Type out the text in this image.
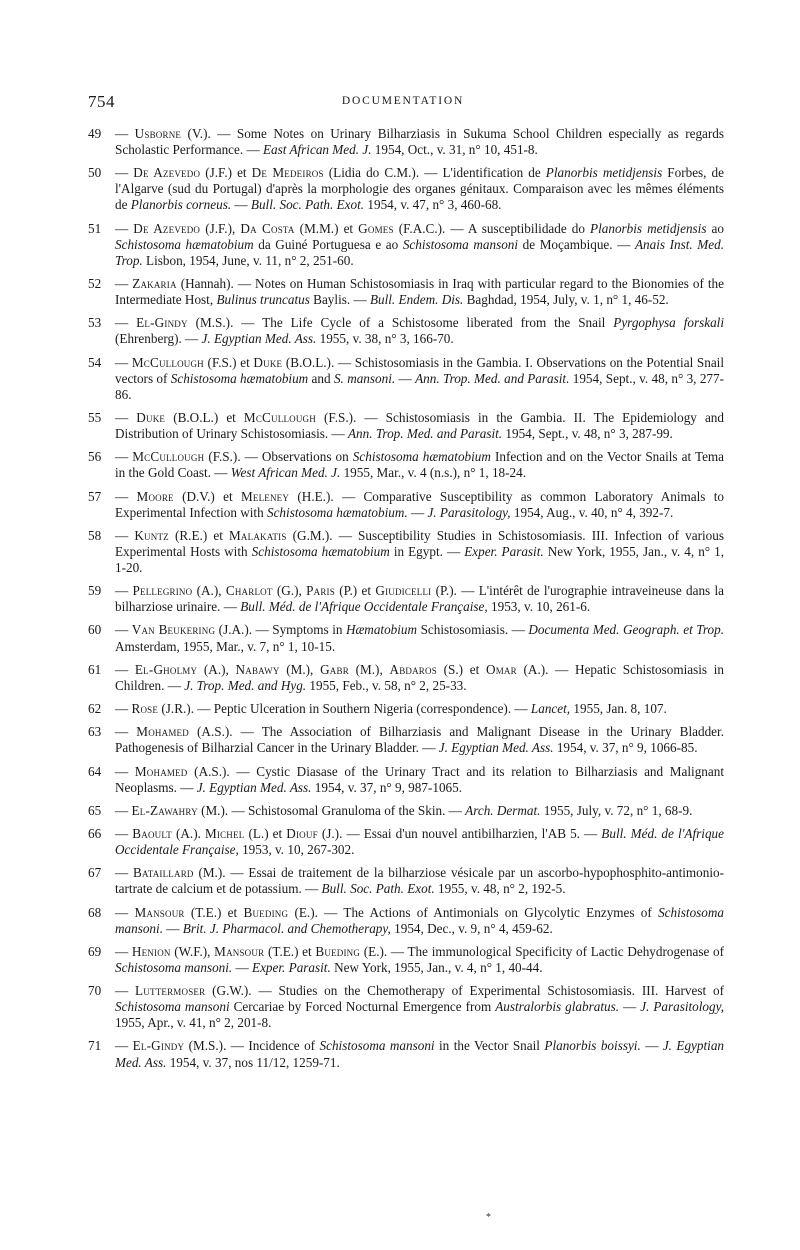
754	DOCUMENTATION
49 — Usborne (V.). — Some Notes on Urinary Bilharziasis in Sukuma School Children especially as regards Scholastic Performance. — East African Med. J. 1954, Oct., v. 31, n° 10, 451-8.
50 — De Azevedo (J.F.) et De Medeiros (Lidia do C.M.). — L'identification de Planorbis metidjensis Forbes, de l'Algarve (sud du Portugal) d'après la morphologie des organes génitaux. Comparaison avec les mêmes éléments de Planorbis corneus. — Bull. Soc. Path. Exot. 1954, v. 47, n° 3, 460-68.
51 — De Azevedo (J.F.), Da Costa (M.M.) et Gomes (F.A.C.). — A susceptibilidade do Planorbis metidjensis ao Schistosoma hæmatobium da Guiné Portuguesa e ao Schistosoma mansoni de Moçambique. — Anais Inst. Med. Trop. Lisbon, 1954, June, v. 11, n° 2, 251-60.
52 — Zakaria (Hannah). — Notes on Human Schistosomiasis in Iraq with particular regard to the Bionomies of the Intermediate Host, Bulinus truncatus Baylis. — Bull. Endem. Dis. Baghdad, 1954, July, v. 1, n° 1, 46-52.
53 — El-Gindy (M.S.). — The Life Cycle of a Schistosome liberated from the Snail Pyrgophysa forskali (Ehrenberg). — J. Egyptian Med. Ass. 1955, v. 38, n° 3, 166-70.
54 — McCullough (F.S.) et Duke (B.O.L.). — Schistosomiasis in the Gambia. I. Observations on the Potential Snail vectors of Schistosoma hæmatobium and S. mansoni. — Ann. Trop. Med. and Parasit. 1954, Sept., v. 48, n° 3, 277-86.
55 — Duke (B.O.L.) et McCullough (F.S.). — Schistosomiasis in the Gambia. II. The Epidemiology and Distribution of Urinary Schistosomiasis. — Ann. Trop. Med. and Parasit. 1954, Sept., v. 48, n° 3, 287-99.
56 — McCullough (F.S.). — Observations on Schistosoma hæmatobium Infection and on the Vector Snails at Tema in the Gold Coast. — West African Med. J. 1955, Mar., v. 4 (n.s.), n° 1, 18-24.
57 — Moore (D.V.) et Meleney (H.E.). — Comparative Susceptibility as common Laboratory Animals to Experimental Infection with Schistosoma hæmatobium. — J. Parasitology, 1954, Aug., v. 40, n° 4, 392-7.
58 — Kuntz (R.E.) et Malakatis (G.M.). — Susceptibility Studies in Schistosomiasis. III. Infection of various Experimental Hosts with Schistosoma hæmatobium in Egypt. — Exper. Parasit. New York, 1955, Jan., v. 4, n° 1, 1-20.
59 — Pellegrino (A.), Charlot (G.), Paris (P.) et Giudicelli (P.). — L'intérêt de l'urographie intraveineuse dans la bilharziose urinaire. — Bull. Méd. de l'Afrique Occidentale Française, 1953, v. 10, 261-6.
60 — Van Beukering (J.A.). — Symptoms in Hæmatobium Schistosomiasis. — Documenta Med. Geograph. et Trop. Amsterdam, 1955, Mar., v. 7, n° 1, 10-15.
61 — El-Gholmy (A.), Nabawy (M.), Gabr (M.), Abdaros (S.) et Omar (A.). — Hepatic Schistosomiasis in Children. — J. Trop. Med. and Hyg. 1955, Feb., v. 58, n° 2, 25-33.
62 — Rose (J.R.). — Peptic Ulceration in Southern Nigeria (correspondence). — Lancet, 1955, Jan. 8, 107.
63 — Mohamed (A.S.). — The Association of Bilharziasis and Malignant Disease in the Urinary Bladder. Pathogenesis of Bilharzial Cancer in the Urinary Bladder. — J. Egyptian Med. Ass. 1954, v. 37, n° 9, 1066-85.
64 — Mohamed (A.S.). — Cystic Diasase of the Urinary Tract and its relation to Bilharziasis and Malignant Neoplasms. — J. Egyptian Med. Ass. 1954, v. 37, n° 9, 987-1065.
65 — El-Zawahry (M.). — Schistosomal Granuloma of the Skin. — Arch. Dermat. 1955, July, v. 72, n° 1, 68-9.
66 — Baoult (A.). Michel (L.) et Diouf (J.). — Essai d'un nouvel antibilharzien, l'AB 5. — Bull. Méd. de l'Afrique Occidentale Française, 1953, v. 10, 267-302.
67 — Bataillard (M.). — Essai de traitement de la bilharziose vésicale par un ascorbo-hypophosphito-antimonio-tartrate de calcium et de potassium. — Bull. Soc. Path. Exot. 1955, v. 48, n° 2, 192-5.
68 — Mansour (T.E.) et Bueding (E.). — The Actions of Antimonials on Glycolytic Enzymes of Schistosoma mansoni. — Brit. J. Pharmacol. and Chemotherapy, 1954, Dec., v. 9, n° 4, 459-62.
69 — Henion (W.F.), Mansour (T.E.) et Bueding (E.). — The immunological Specificity of Lactic Dehydrogenase of Schistosoma mansoni. — Exper. Parasit. New York, 1955, Jan., v. 4, n° 1, 40-44.
70 — Luttermoser (G.W.). — Studies on the Chemotherapy of Experimental Schistosomiasis. III. Harvest of Schistosoma mansoni Cercariae by Forced Nocturnal Emergence from Australorbis glabratus. — J. Parasitology, 1955, Apr., v. 41, n° 2, 201-8.
71 — El-Gindy (M.S.). — Incidence of Schistosoma mansoni in the Vector Snail Planorbis boissyi. — J. Egyptian Med. Ass. 1954, v. 37, nos 11/12, 1259-71.
*
